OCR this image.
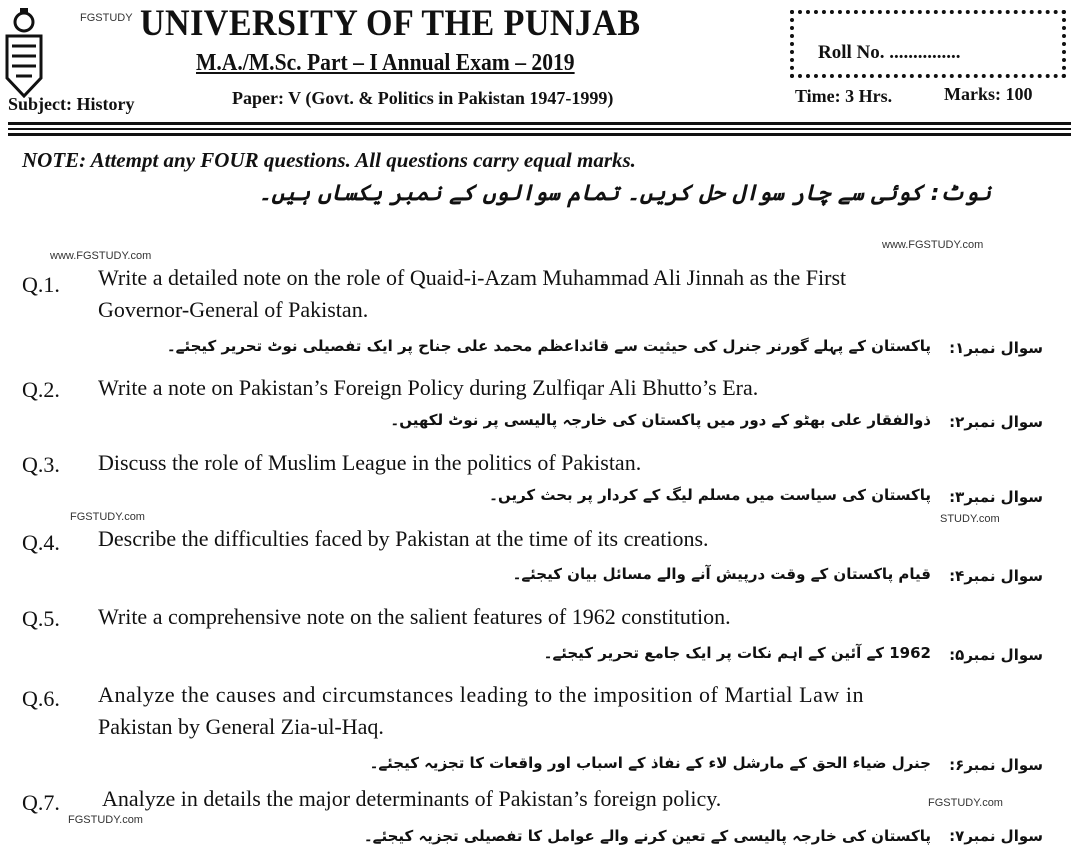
FGSTUDY UNIVERSITY OF THE PUNJAB
M.A./M.Sc. Part – I Annual Exam – 2019
Subject: History	Paper: V (Govt. & Politics in Pakistan 1947-1999)
Roll No. ...............
Time: 3 Hrs.	Marks: 100
NOTE: Attempt any FOUR questions. All questions carry equal marks.
نوٹ: کوئی سے چار سوال حل کریں۔ تمام سوالوں کے نمبر یکساں ہیں۔
www.FGSTUDY.com
www.FGSTUDY.com
FGSTUDY.com	STUDY.com
FGSTUDY.com
FGSTUDY.com
Q.1. Write a detailed note on the role of Quaid-i-Azam Muhammad Ali Jinnah as the First
Governor-General of Pakistan.
سوال نمبر۱:
پاکستان کے پہلے گورنر جنرل کی حیثیت سے قائداعظم محمد علی جناح پر ایک تفصیلی نوٹ تحریر کیجئے۔
Q.2. Write a note on Pakistan’s Foreign Policy during Zulfiqar Ali Bhutto’s Era.
سوال نمبر۲:
ذوالفقار علی بھٹو کے دور میں پاکستان کی خارجہ پالیسی پر نوٹ لکھیں۔
Q.3. Discuss the role of Muslim League in the politics of Pakistan.
سوال نمبر۳:
پاکستان کی سیاست میں مسلم لیگ کے کردار پر بحث کریں۔
Q.4. Describe the difficulties faced by Pakistan at the time of its creations.
سوال نمبر۴:
قیام پاکستان کے وقت درپیش آنے والے مسائل بیان کیجئے۔
Q.5. Write a comprehensive note on the salient features of 1962 constitution.
سوال نمبر۵:
1962 کے آئین کے اہم نکات پر ایک جامع تحریر کیجئے۔
Q.6. Analyze the causes and circumstances leading to the imposition of Martial Law in
Pakistan by General Zia-ul-Haq.
سوال نمبر۶:
جنرل ضیاء الحق کے مارشل لاء کے نفاذ کے اسباب اور واقعات کا تجزیہ کیجئے۔
Q.7. Analyze in details the major determinants of Pakistan’s foreign policy.
سوال نمبر۷:
پاکستان کی خارجہ پالیسی کے تعین کرنے والے عوامل کا تفصیلی تجزیہ کیجئے۔
